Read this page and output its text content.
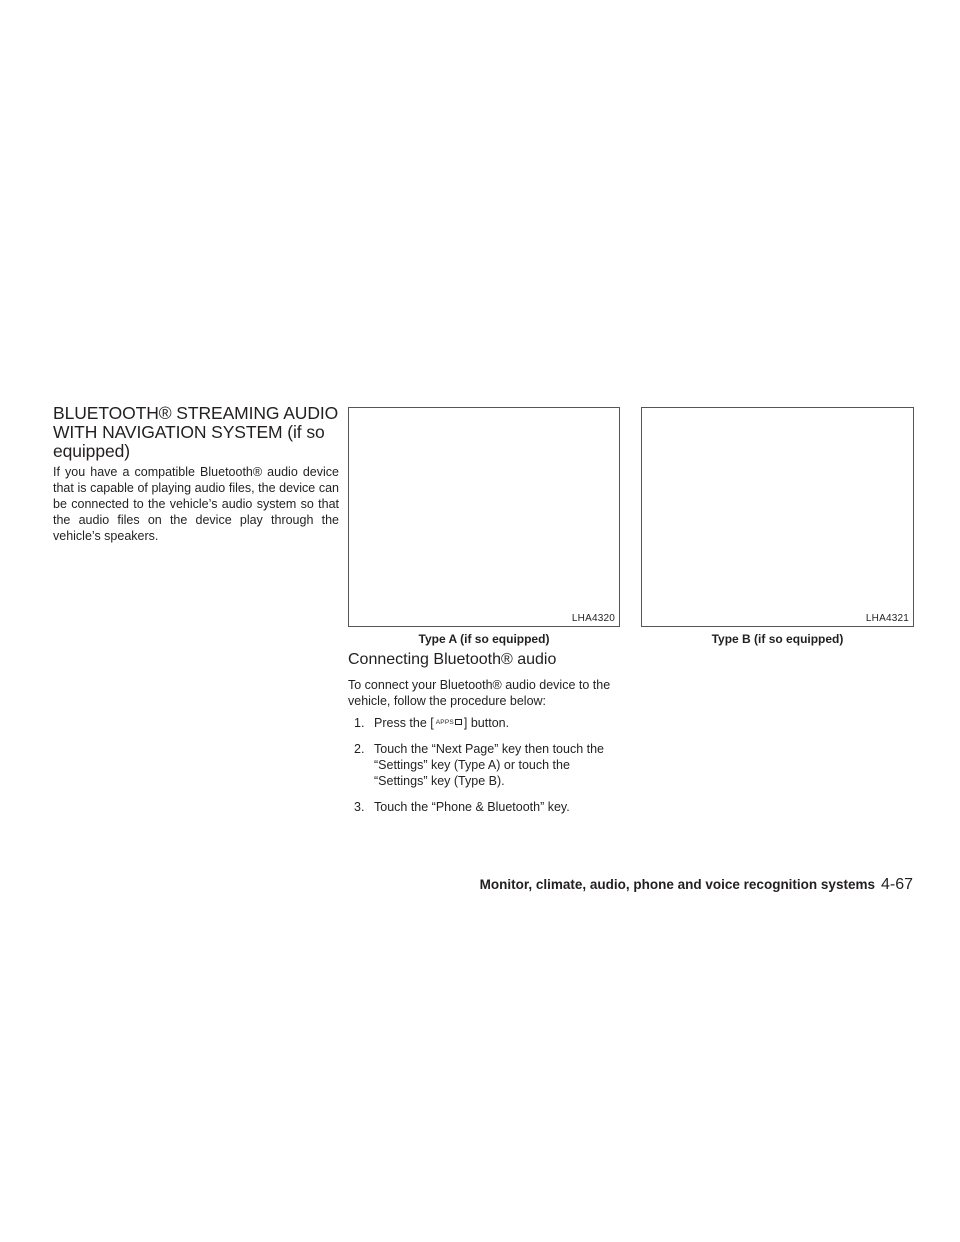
BLUETOOTH® STREAMING AUDIO WITH NAVIGATION SYSTEM (if so equipped)

If you have a compatible Bluetooth® audio device that is capable of playing audio files, the device can be connected to the vehicle’s audio system so that the audio files on the device play through the vehicle’s speakers.

LHA4320
Type A (if so equipped)
LHA4321
Type B (if so equipped)
Connecting Bluetooth® audio

To connect your Bluetooth® audio device to the vehicle, follow the procedure below:

1. Press the [ APPS ] button.
2. Touch the “Next Page” key then touch the “Settings” key (Type A) or touch the “Settings” key (Type B).
3. Touch the “Phone & Bluetooth” key.
Monitor, climate, audio, phone and voice recognition systems 4-67
